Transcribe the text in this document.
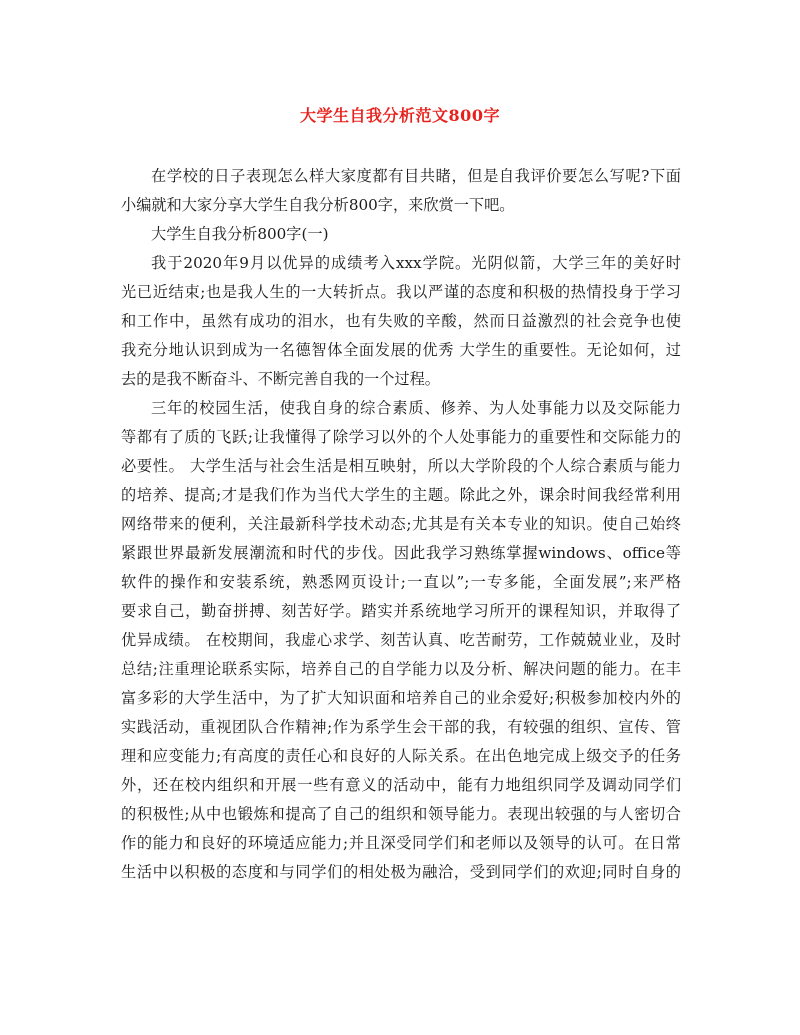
大学生自我分析范文800字
在学校的日子表现怎么样大家度都有目共睹，但是自我评价要怎么写呢?下面
小编就和大家分享大学生自我分析800字，来欣赏一下吧。
大学生自我分析800字(一)
我于2020年9月以优异的成绩考入xxx学院。光阴似箭，大学三年的美好时
光已近结束;也是我人生的一大转折点。我以严谨的态度和积极的热情投身于学习
和工作中，虽然有成功的泪水，也有失败的辛酸，然而日益激烈的社会竞争也使
我充分地认识到成为一名德智体全面发展的优秀 大学生的重要性。无论如何，过
去的是我不断奋斗、不断完善自我的一个过程。
三年的校园生活，使我自身的综合素质、修养、为人处事能力以及交际能力
等都有了质的飞跃;让我懂得了除学习以外的个人处事能力的重要性和交际能力的
必要性。 大学生活与社会生活是相互映射，所以大学阶段的个人综合素质与能力
的培养、提高;才是我们作为当代大学生的主题。除此之外，课余时间我经常利用
网络带来的便利，关注最新科学技术动态;尤其是有关本专业的知识。使自己始终
紧跟世界最新发展潮流和时代的步伐。因此我学习熟练掌握windows、office等
软件的操作和安装系统，熟悉网页设计;一直以”;一专多能，全面发展”;来严格
要求自己，勤奋拼搏、刻苦好学。踏实并系统地学习所开的课程知识，并取得了
优异成绩。 在校期间，我虚心求学、刻苦认真、吃苦耐劳，工作兢兢业业，及时
总结;注重理论联系实际，培养自己的自学能力以及分析、解决问题的能力。在丰
富多彩的大学生活中，为了扩大知识面和培养自己的业余爱好;积极参加校内外的
实践活动，重视团队合作精神;作为系学生会干部的我，有较强的组织、宣传、管
理和应变能力;有高度的责任心和良好的人际关系。在出色地完成上级交予的任务
外，还在校内组织和开展一些有意义的活动中，能有力地组织同学及调动同学们
的积极性;从中也锻炼和提高了自己的组织和领导能力。表现出较强的与人密切合
作的能力和良好的环境适应能力;并且深受同学们和老师以及领导的认可。在日常
生活中以积极的态度和与同学们的相处极为融洽，受到同学们的欢迎;同时自身的
